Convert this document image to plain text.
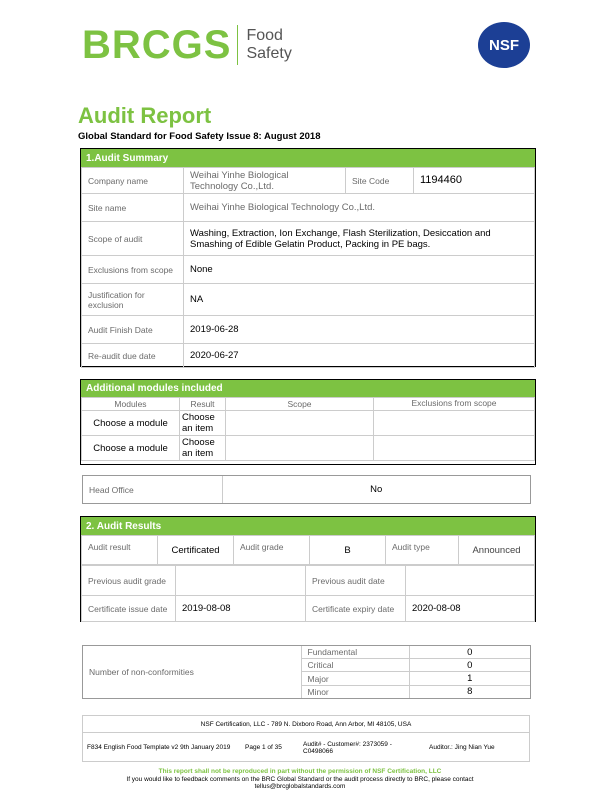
BRCGS Food
Safety	NSF
Audit Report
Global Standard for Food Safety Issue 8: August 2018
1.Audit Summary
Company name	Weihai Yinhe Biological Technology Co.,Ltd.	Site Code	1194460
Site name	Weihai Yinhe Biological Technology Co.,Ltd.		
Scope of audit	Washing, Extraction, Ion Exchange, Flash Sterilization, Desiccation and Smashing of Edible Gelatin Product, Packing in PE bags.		
Exclusions from scope	None		
Justification for exclusion	NA		
Audit Finish Date	2019-06-28		
Re-audit due date	2020-06-27		
Additional modules included
Modules	Result	Scope	Exclusions from scope
Choose a module	Choose an item		
Choose a module	Choose an item		
Head Office	No
2. Audit Results
Audit result	Certificated	Audit grade	B	Audit type	Announced
Previous audit grade		Previous audit date	
Certificate issue date	2019-08-08	Certificate expiry date	2020-08-08
Number of non-conformities	Fundamental	0
	Critical	0
	Major	1
	Minor	8
NSF Certification, LLC - 789 N. Dixboro Road, Ann Arbor, MI 48105, USA
F834 English Food Template v2 9th January 2019	Page 1 of 35	Audit# - Customer#: 2373059 - C0498066	Auditor.: Jing Nian Yue
This report shall not be reproduced in part without the permission of NSF Certification, LLC
If you would like to feedback comments on the BRC Global Standard or the audit process directly to BRC, please contact
tellus@brcglobalstandards.com
